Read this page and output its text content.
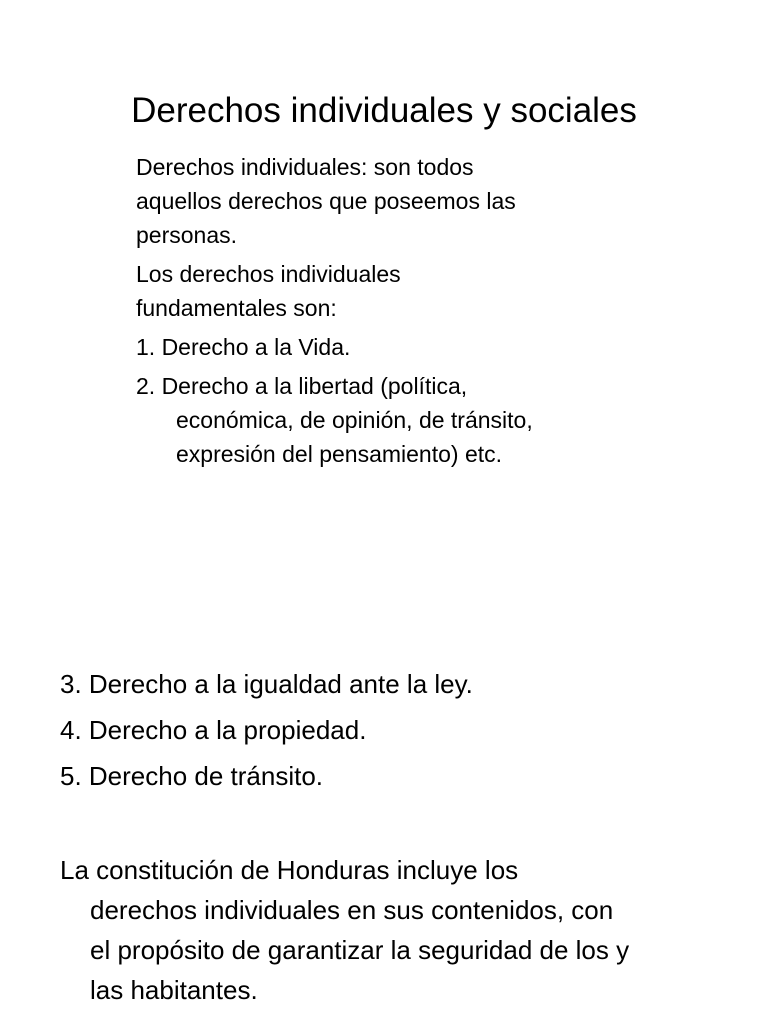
Derechos individuales y sociales
Derechos individuales: son todos
aquellos derechos que poseemos las

personas.

Los derechos individuales

fundamentales son:

1. Derecho a la Vida.

2. Derecho a la libertad (política,
económica, de opinión, de tránsito,
expresión del pensamiento) etc.

3. Derecho a la igualdad ante la ley.

4. Derecho a la propiedad.

5. Derecho de tránsito.

La constitución de Honduras incluye los

derechos individuales en sus contenidos, con

el propósito de garantizar la seguridad de los y

las habitantes.
